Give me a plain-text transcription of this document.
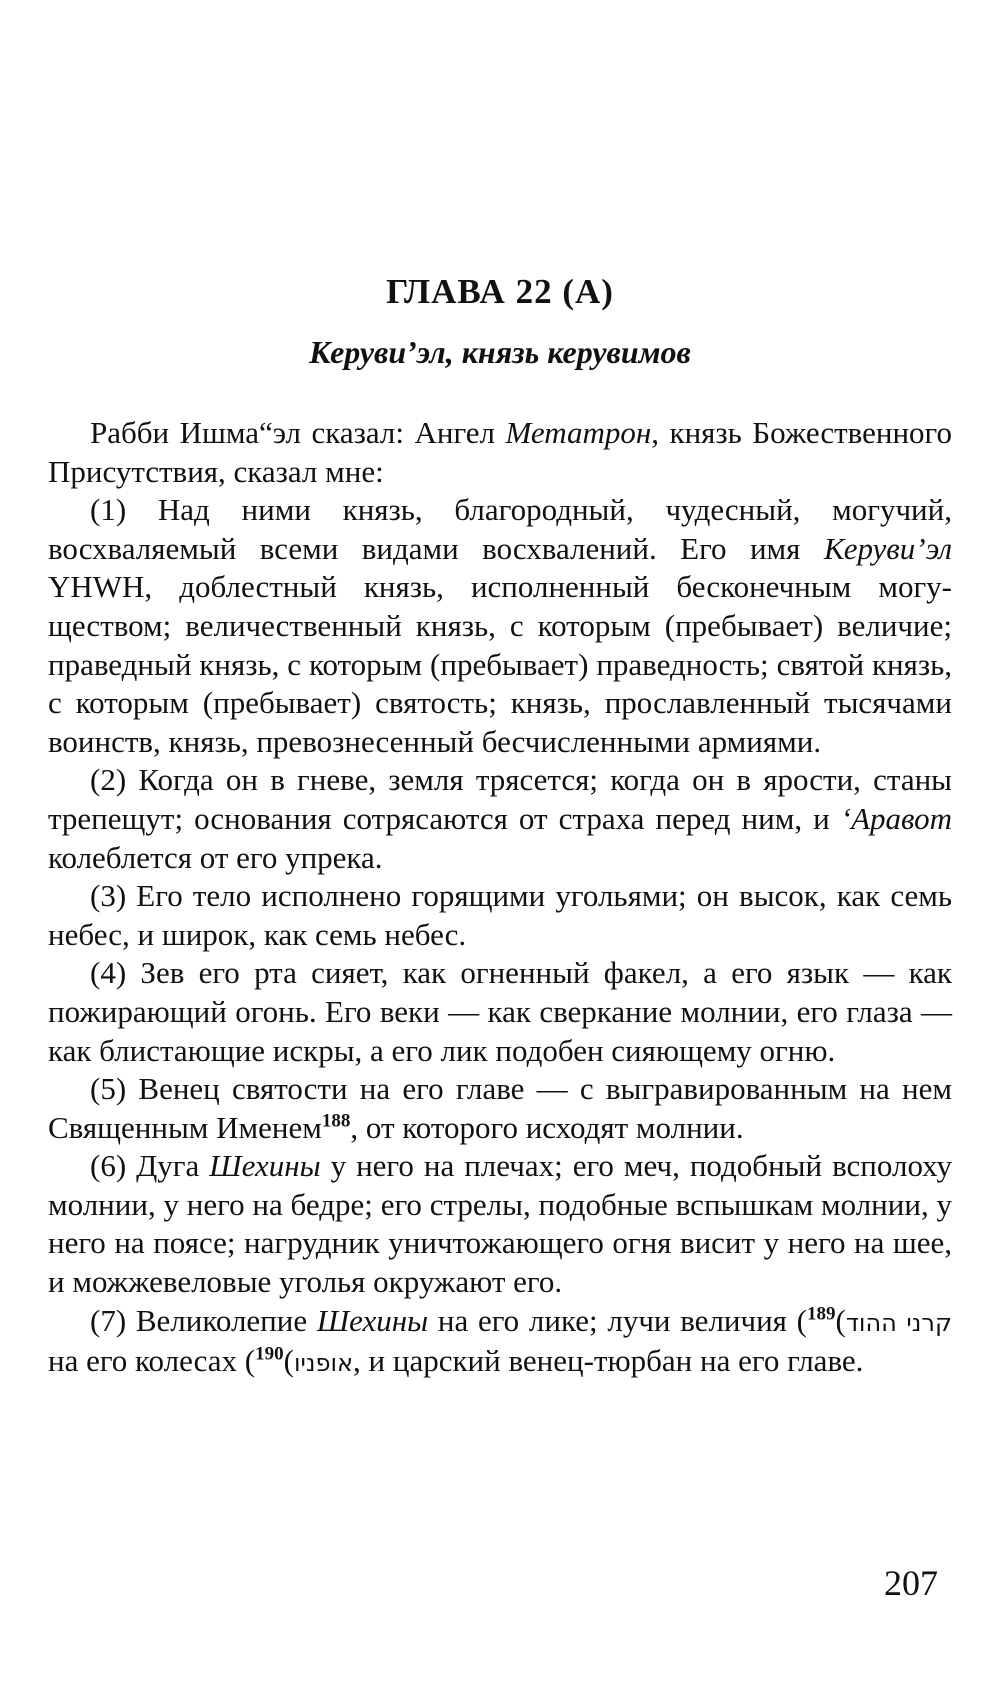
ГЛАВА 22 (А)
Керуви’эл, князь керувимов

Рабби Ишма“эл сказал: Ангел Метатрон, князь Божественного Присутствия, сказал мне:

(1) Над ними князь, благородный, чудесный, могучий, восхваляемый всеми видами восхвалений. Его имя Керуви’эл YHWH, доблестный князь, исполненный бесконечным могуществом; величественный князь, с которым (пребывает) величие; праведный князь, с которым (пребывает) праведность; святой князь, с которым (пребывает) святость; князь, прославленный тысячами воинств, князь, превознесенный бесчисленными армиями.

(2) Когда он в гневе, земля трясется; когда он в ярости, станы трепещут; основания сотрясаются от страха перед ним, и ‘Аравот колеблется от его упрека.

(3) Его тело исполнено горящими угольями; он высок, как семь небес, и широк, как семь небес.

(4) Зев его рта сияет, как огненный факел, а его язык — как пожирающий огонь. Его веки — как сверкание молнии, его глаза — как блистающие искры, а его лик подобен сияющему огню.

(5) Венец святости на его главе — с выгравированным на нем Священным Именем$^{188}$, от которого исходят молнии.

(6) Дуга Шехины у него на плечах; его меч, подобный всполоху молнии, у него на бедре; его стрелы, подобные вспышкам молнии, у него на поясе; нагрудник уничтожающего огня висит у него на шее, и можжевеловые уголья окружают его.

(7) Великолепие Шехины на его лике; лучи величия ( קרני ההוד)$^{189}$ на его колесах ( אופניו)$^{190}$ , и царский венец-тюрбан на его главе.

207
